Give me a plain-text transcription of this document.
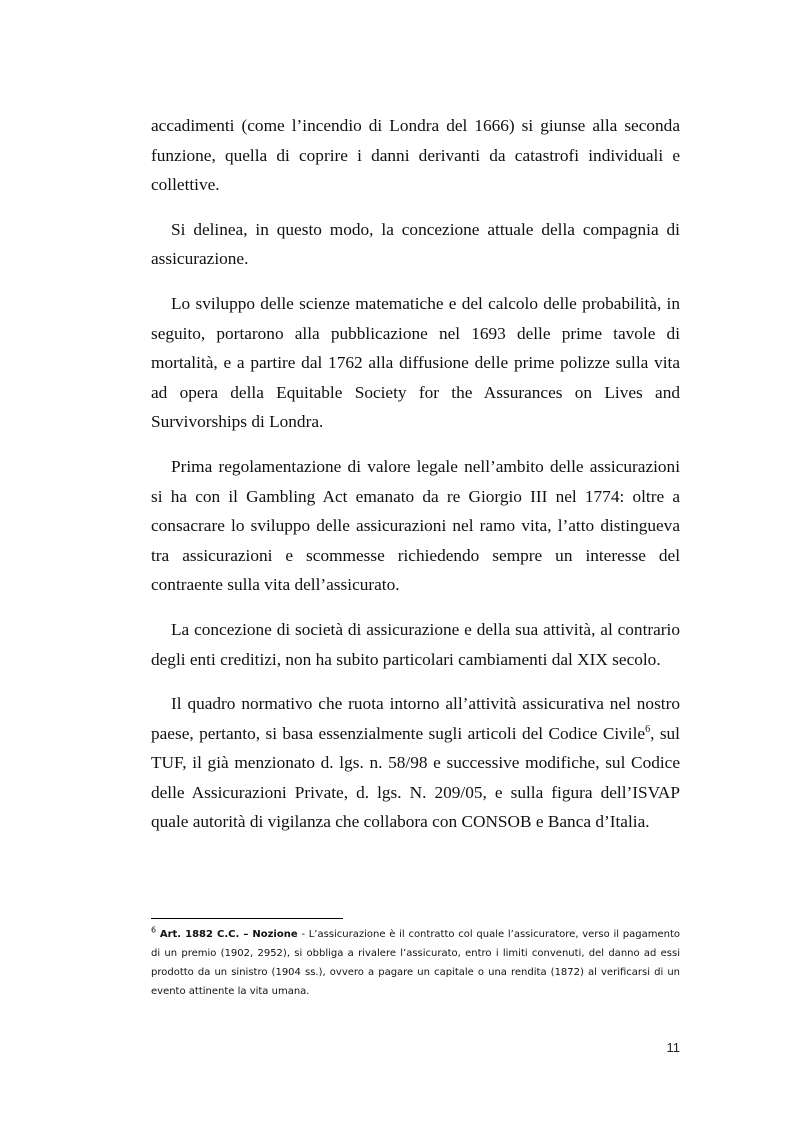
accadimenti (come l’incendio di Londra del 1666) si giunse alla seconda funzione, quella di coprire i danni derivanti da catastrofi individuali e collettive.

Si delinea, in questo modo, la concezione attuale della compagnia di assicurazione.

Lo sviluppo delle scienze matematiche e del calcolo delle probabilità, in seguito, portarono alla pubblicazione nel 1693 delle prime tavole di mortalità, e a partire dal 1762 alla diffusione delle prime polizze sulla vita ad opera della Equitable Society for the Assurances on Lives and Survivorships di Londra.

Prima regolamentazione di valore legale nell’ambito delle assicurazioni si ha con il Gambling Act emanato da re Giorgio III nel 1774: oltre a consacrare lo sviluppo delle assicurazioni nel ramo vita, l’atto distingueva tra assicurazioni e scommesse richiedendo sempre un interesse del contraente sulla vita dell’assicurato.

La concezione di società di assicurazione e della sua attività, al contrario degli enti creditizi, non ha subito particolari cambiamenti dal XIX secolo.

Il quadro normativo che ruota intorno all’attività assicurativa nel nostro paese, pertanto, si basa essenzialmente sugli articoli del Codice Civile$^6$, sul TUF, il già menzionato d. lgs. n. 58/98 e successive modifiche, sul Codice delle Assicurazioni Private, d. lgs. N. 209/05, e sulla figura dell’ISVAP quale autorità di vigilanza che collabora con CONSOB e Banca d’Italia.

$^6$ Art. 1882 C.C. – Nozione - L’assicurazione è il contratto col quale l’assicuratore, verso il pagamento di un premio (1902, 2952), si obbliga a rivalere l’assicurato, entro i limiti convenuti, del danno ad essi prodotto da un sinistro (1904 ss.), ovvero a pagare un capitale o una rendita (1872) al verificarsi di un evento attinente la vita umana.
11
